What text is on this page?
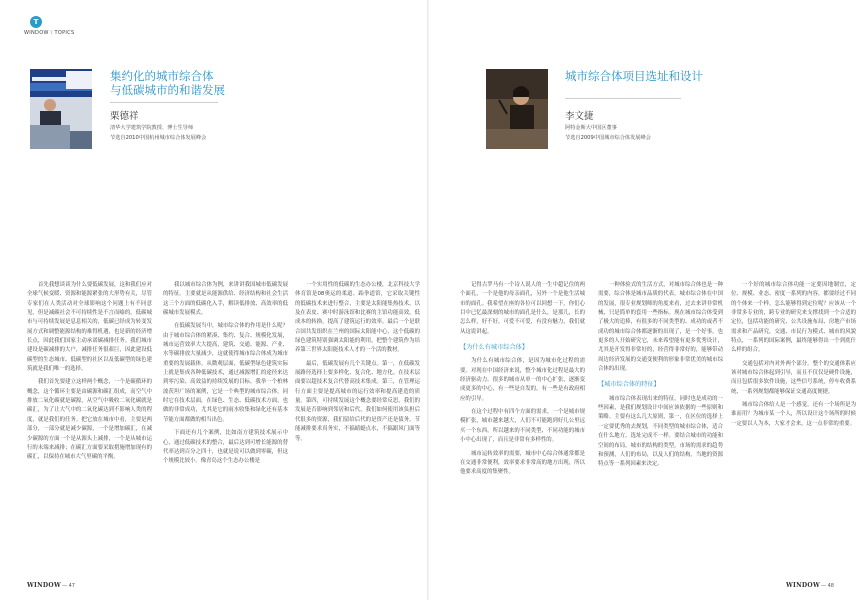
T
WINDOW \ TOPICS
集约化的城市综合体
与低碳城市的和谐发展
栗德祥
清华大学建筑学院教授、博士生导师
节选自2010中国杭州城市综合体发展峰会
城市综合体项目选址和设计
李文捷
阿特金斯大中国区董事
节选自2009中国城市综合体发展峰会

首先我想谈谈为什么要低碳发展，这和我们应对全球气候变暖、资源和能源紧张的大形势有关，尽管专家们在人类活动对全球影响这个问题上有不同意见，但是减碳社会不可持续性是不言而喻的。低碳城市与可持续发展是息息相关的，低碳已经成为转变发展方式和调整能源结构的难得机遇，也是新的经济增长点，因此我们国家主动承诺碳减排任务。我们城市建设是碳减排的大户，减排任务很艰巨，因此建设低碳型的生态城市、低碳型的社区以及低碳型的绿色建筑就是我们唯一的选择。

我们首先要建立这样两个概念，一个是碳循环的概念，这个循环主要是由碳源和碳汇组成，而空气中排放二氧化碳就是碳源，从空气中吸收二氧化碳就是碳汇，为了让大气中的二氧化碳达到不影响人类的程度，就是我们的任务。把它放在城市中看，主要是两部分，一部分就是减少碳源，一个是增加碳汇，在减少碳源的方面一个是从源头上减排，一个是从城市运行的末端来减排；在碳汇方面要采取措施增加现有的碳汇，以保持在城市大气里碳的平衡。

我以城市综合体为例，来讲讲我国城市低碳发展的特征。主要就是从能源供给、经济结构和社会生活这三个方面的低碳化入手，解读低排放、高效率的低碳城市发展模式。

在低碳发展当中，城市综合体的作用是什么呢？由于城市综合体的紧凑、集约、复合、规模化发展，城市运营效率大大提高，建筑、交通、能源、产业、水等碳排放大量减少，这就使得城市综合体成为城市重要的发展载体。从微观层面，低碳型绿色建筑实际上就是集成各种低碳技术，通过减源增汇的途径来达到零污染、高效益的持续发展的目标。我举一个柏林波茨坦广场的案例，它是一个典型的城市综合体，同时它在技术层面，在绿色、生态、低碳技术方面，也做的非常成功，尤其是它的雨水收集和绿化还有基本节能方面都做的相当出色。

下面还有几个案例，比如南方建筑技术展示中心，通过低碳技术的整合，最后达到可增长能源的替代率达到百分之四十，也就是说可以做到零碳，但这个规模比较小。像青岛这个生态办公楼是

一个实用性的低碳的生态办公楼，北京科技大学体育馆是08奥运的柔道、跆拳道馆，它采取关键性的低碳技术来进行整合，主要是太阳能集热技术，以及在表皮、赛中时游泳馆和比赛的主馆功能高效，低成本的转换，提高了建筑运行的效率。最后一个是联合国共发组织在兰州的国际太阳能中心，这个低碳的绿色建筑特别强调太阳能的利用，把整个建筑作为培养第三世界太阳能技术人才的一个活的教材。

最后，低碳发展有几个关键点。第一，在低碳发展路径选择上要多样化、复合化、地方化。在技术层面要以超技术复合代替高技术集成。第三，在管理运行方面主要是提高城市的运行效率和提高建造的质量。第四，可持续发展这个概念要经常反思，我们的发展是否影响到邻居和后代，我们如何使用该负担后代很多的资源，我们留给后代的是资产还是债务，节能减排要求真务实，不搞蜻蜓点水，不搞跟风门面等等。

记得古罗马有一个诗人说人的一生中超记住的两个面孔，一个是他的母亲面孔，另外一个是他生活城市的面孔。我希望在座的各位可以回想一下，你们心目中已忆最深刻的城市的面孔是什么，是那儿，长的怎么样，好不好，可爱不可爱，有没有魅力，我们就从这说讲起。

【为什么有城市综合体】

为什么有城市综合体，是因为城市化过程的需要。对现在中国经济来说，整个城市化过程是最大的经济驱动力。很多的城市从单一的中心扩张，逐渐变成更多的中心，有一些是自发的，有一些是有政府相应的引导。

在这个过程中有四个方面的需求，一个是城市规模扩张，城市越来越大，人们不可能跑到好几公里远买一个东西，所以越来的不同类型、不同功能的城市小中心出现了，而且是非常有多样性的。

城市运转效率的需要，城市中心综合体通常都是在交通非常便利，效率要求非常高的地方出现，所以他要求高度的集聚性。

一种体验式的生活方式，对城市综合体也是一种需要，综合体是城市品质的代表。城市综合体在中国的发展，很专业规划师的角度来看，过去来讲非常机械，只是简单的套用一些指标。现在城市综合体受到了极大的追捧，有很多的不同类型的、成功的或者不成功的城市综合体都逐渐的出现了，是一个好事。也更多的人开始研究它，未来希望能有更多优秀设计，尤其是开发得非常好的，经营得非常好的，能够带动周边经济发展的交通变便利的形象非常优美的城市综合体的出现。

【城市综合体的特征】

城市综合体表现出来的特征，同时也是成功的一些因素，是我们规划设计中间应该依据的一些原则和策略。主要有这么几大原则，第一，在区位的选择上一定要优秀的去规划，不同类型的城市综合体，适合在什么地方。选址完成不一样。要结合城市的功能和空间的布局，城市的结构的类型，市场的需求的趋势和预测，人们的布局，以及人们的结构，当地的资源特点等一系列因素来决定。

一个好的城市综合体功能一定要因地制宜，定位、规模、业态、密度一系列的内容，都要经过不同的个体来一个样。怎么能够得到定位呢？应该从一个非常多专业的，跨专业的研究来支撑找到一个合适的定位，包括功能的研究、公共设施布局、房地产市场需求和产品研究，交通、市民行为模式、城市的风貌特点，一系列的国际案例，最终能够得出一个到底什么样的组合。

交通包括对内对外两个部分。整个的交通体系应该对城市综合体起到引导，而且不仅仅是硬件设施，而且包括很多软件设施，这些信号系统，停车收费系统，一系列规划都能够保证交通高度便捷。

城市综合体给人是一个感觉，还有一个场所是为谁而用？为城市某一个人，所以设计这个场所的时候一定要以人为本，大家才会来，这一点非常的重要。

WINDOW — 47	WINDOW — 48
